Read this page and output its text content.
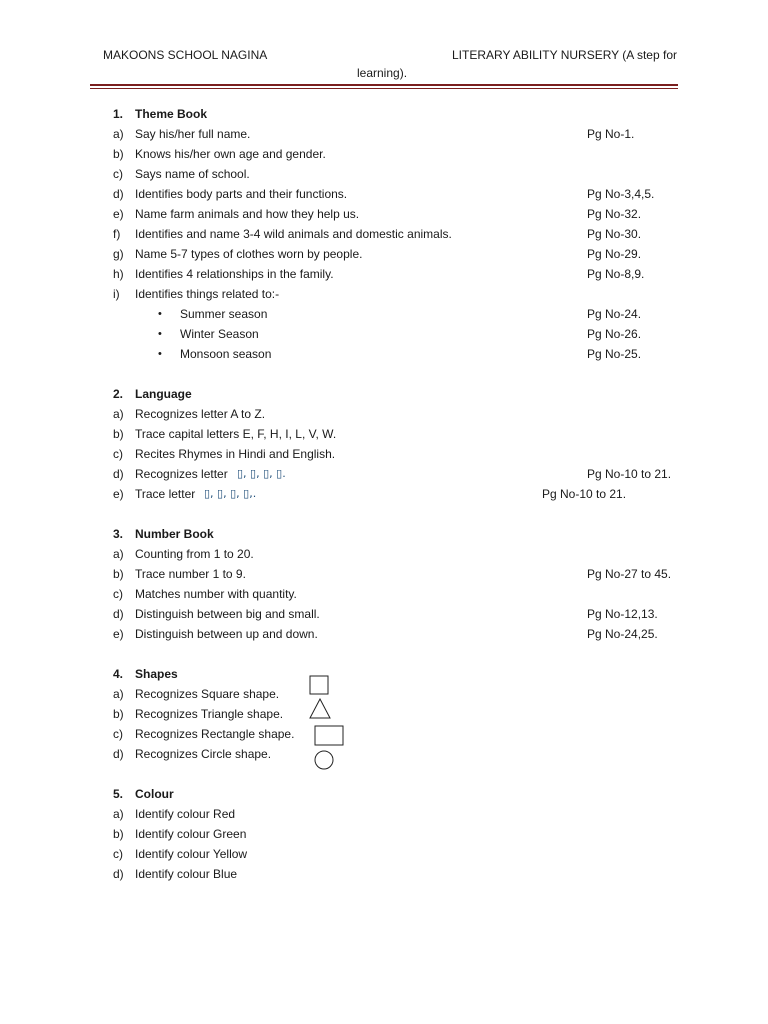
MAKOONS SCHOOL NAGINA	LITERARY ABILITY NURSERY (A step for
learning).
1. Theme Book
a) Say his/her full name.	Pg No-1.
b) Knows his/her own age and gender.
c) Says name of school.
d) Identifies body parts and their functions.	Pg No-3,4,5.
e) Name farm animals and how they help us.	Pg No-32.
f) Identifies and name 3-4 wild animals and domestic animals.	Pg No-30.
g) Name 5-7 types of clothes worn by people.	Pg No-29.
h) Identifies 4 relationships in the family.	Pg No-8,9.
i) Identifies things related to:-
• Summer season	Pg No-24.
• Winter Season	Pg No-26.
• Monsoon season	Pg No-25.
2. Language
a) Recognizes letter A to Z.
b) Trace capital letters E, F, H, I, L, V, W.
c) Recites Rhymes in Hindi and English.
d) Recognizes letter ▯, ▯, ▯, ▯.	Pg No-10 to 21.
e) Trace letter ▯, ▯, ▯, ▯,.	Pg No-10 to 21.
3. Number Book
a) Counting from 1 to 20.
b) Trace number 1 to 9.	Pg No-27 to 45.
c) Matches number with quantity.
d) Distinguish between big and small.	Pg No-12,13.
e) Distinguish between up and down.	Pg No-24,25.
4. Shapes
a) Recognizes Square shape.
b) Recognizes Triangle shape.
c) Recognizes Rectangle shape.
d) Recognizes Circle shape.
5. Colour
a) Identify colour Red
b) Identify colour Green
c) Identify colour Yellow
d) Identify colour Blue
